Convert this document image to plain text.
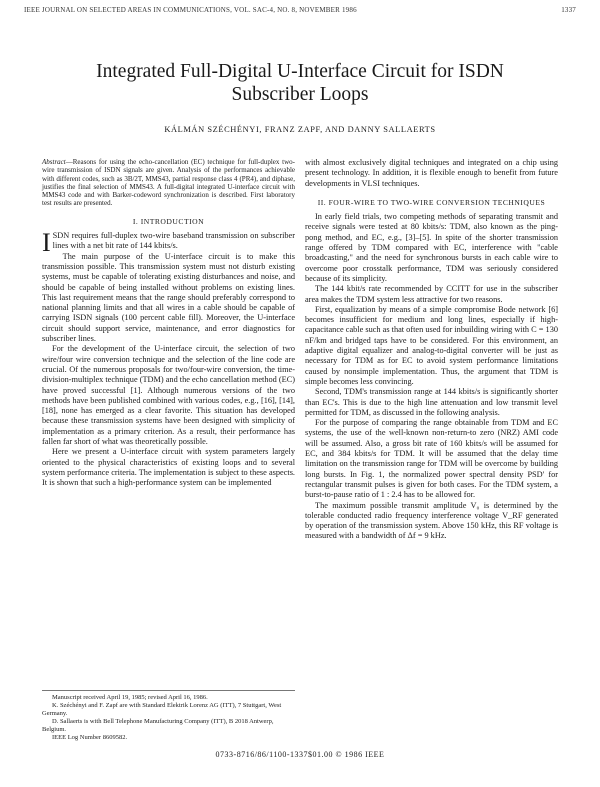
IEEE JOURNAL ON SELECTED AREAS IN COMMUNICATIONS, VOL. SAC-4, NO. 8, NOVEMBER 1986	1337
Integrated Full-Digital U-Interface Circuit for ISDN
Subscriber Loops
KÁLMÁN SZÉCHÉNYI, FRANZ ZAPF, AND DANNY SALLAERTS
Abstract—Reasons for using the echo-cancellation (EC) technique for full-duplex two-wire transmission of ISDN signals are given. Analysis of the performances achievable with different codes, such as 3B/2T, MMS43, partial response class 4 (PR4), and diphase, justifies the final selection of MMS43. A full-digital integrated U-interface circuit with MMS43 code and with Barker-codeword synchronization is described. First laboratory test results are presented.
I. INTRODUCTION

ISDN requires full-duplex two-wire baseband transmission on subscriber lines with a net bit rate of 144 kbits/s.

The main purpose of the U-interface circuit is to make this transmission possible. This transmission system must not disturb existing systems, must be capable of tolerating existing disturbances and noise, and should be capable of being installed without problems on existing lines. This last requirement means that the range should preferably correspond to national planning limits and that all wires in a cable should be capable of carrying ISDN signals (100 percent cable fill). Moreover, the U-interface circuit should support service, maintenance, and error diagnostics for subscriber lines.

For the development of the U-interface circuit, the selection of two wire/four wire conversion technique and the selection of the line code are crucial. Of the numerous proposals for two/four-wire conversion, the time-division-multiplex technique (TDM) and the echo cancellation method (EC) have proved successful [1]. Although numerous versions of the two methods have been published combined with various codes, e.g., [16], [14], [18], none has emerged as a clear favorite. This situation has developed because these transmission systems have been designed with simplicity of implementation as a primary criterion. As a result, their performance has fallen far short of what was theoretically possible.

Here we present a U-interface circuit with system parameters largely oriented to the physical characteristics of existing loops and to several system performance criteria. The implementation is subject to these aspects. It is shown that such a high-performance system can be implemented

with almost exclusively digital techniques and integrated on a chip using present technology. In addition, it is flexible enough to benefit from future developments in VLSI techniques.

II. FOUR-WIRE TO TWO-WIRE CONVERSION TECHNIQUES

In early field trials, two competing methods of separating transmit and receive signals were tested at 80 kbits/s: TDM, also known as the ping-pong method, and EC, e.g., [3]–[5]. In spite of the shorter transmission range offered by TDM compared with EC, interference with "cable broadcasting," and the need for synchronous bursts in each cable wire to overcome poor crosstalk performance, TDM was seriously considered because of its simplicity.

The 144 kbit/s rate recommended by CCITT for use in the subscriber area makes the TDM system less attractive for two reasons.

First, equalization by means of a simple compromise Bode network [6] becomes insufficient for medium and long lines, especially if high-capacitance cable such as that often used for inbuilding wiring with C = 130 nF/km and bridged taps have to be considered. For this environment, an adaptive digital equalizer and analog-to-digital converter will be just as necessary for TDM as for EC to avoid system performance limitations caused by nonsimple implementation. Thus, the argument that TDM is simple becomes less convincing.

Second, TDM's transmission range at 144 kbits/s is significantly shorter than EC's. This is due to the high line attenuation and low transmit level permitted for TDM, as discussed in the following analysis.

For the purpose of comparing the range obtainable from TDM and EC systems, the use of the well-known non-return-to zero (NRZ) AMI code will be assumed. Also, a gross bit rate of 160 kbits/s will be assumed for EC, and 384 kbits/s for TDM. It will be assumed that the delay time limitation on the transmission range for TDM will be overcome by building long bursts. In Fig. 1, the normalized power spectral density PSD' for rectangular transmit pulses is given for both cases. For the TDM system, a burst-to-pause ratio of 1 : 2.4 has to be allowed for.

The maximum possible transmit amplitude V₀ is determined by the tolerable conducted radio frequency interference voltage V_RF generated by operation of the transmission system. Above 150 kHz, this RF voltage is measured with a bandwidth of Δf = 9 kHz.

Manuscript received April 19, 1985; revised April 16, 1986.
K. Széchényi and F. Zapf are with Standard Elektrik Lorenz AG (ITT), 7 Stuttgart, West Germany.
D. Sallaerts is with Bell Telephone Manufacturing Company (ITT), B 2018 Antwerp, Belgium.
IEEE Log Number 8609582.
0733-8716/86/1100-1337$01.00 © 1986 IEEE
